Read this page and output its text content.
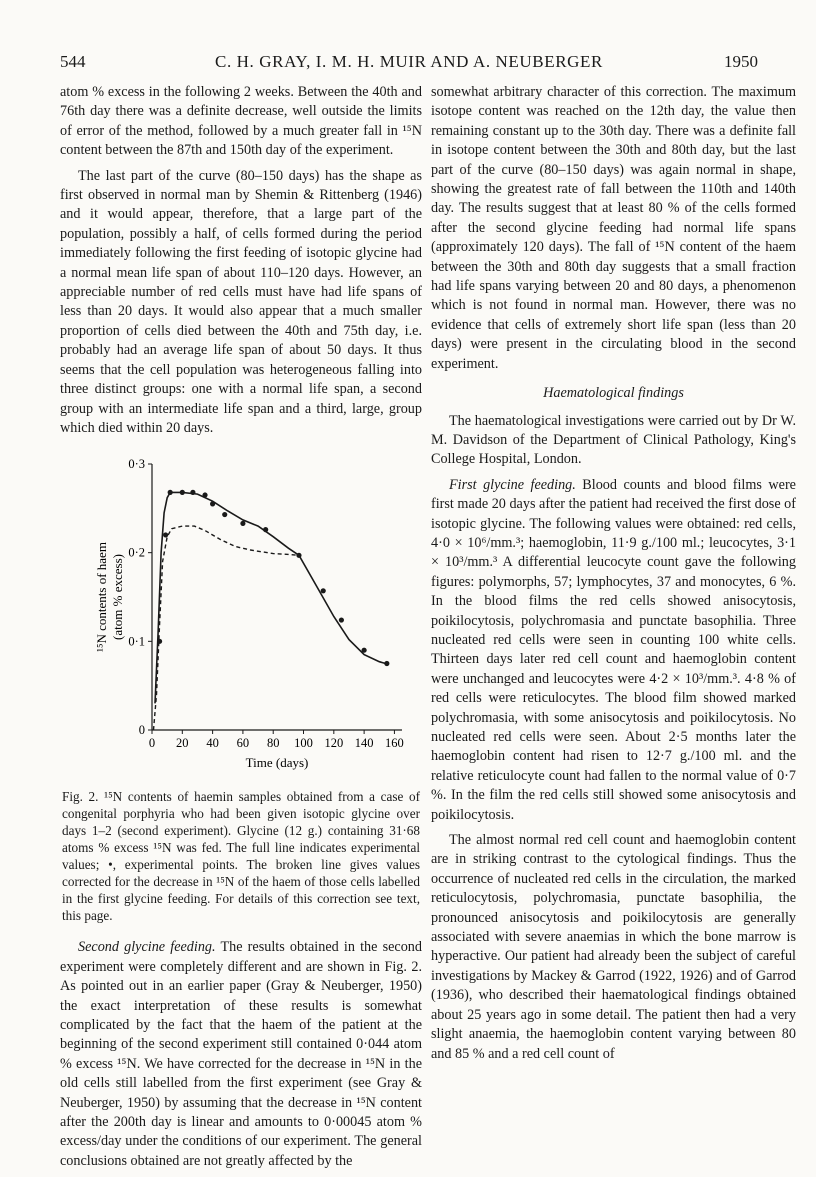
544	C. H. GRAY, I. M. H. MUIR AND A. NEUBERGER	1950

atom % excess in the following 2 weeks. Between the 40th and 76th day there was a definite decrease, well outside the limits of error of the method, followed by a much greater fall in ¹⁵N content between the 87th and 150th day of the experiment.

The last part of the curve (80–150 days) has the shape as first observed in normal man by Shemin & Rittenberg (1946) and it would appear, therefore, that a large part of the population, possibly a half, of cells formed during the period immediately following the first feeding of isotopic glycine had a normal mean life span of about 110–120 days. However, an appreciable number of red cells must have had life spans of less than 20 days. It would also appear that a much smaller proportion of cells died between the 40th and 75th day, i.e. probably had an average life span of about 50 days. It thus seems that the cell population was heterogeneous falling into three distinct groups: one with a normal life span, a second group with an intermediate life span and a third, large, group which died within 20 days.

0 20 40 60 80 100 120 140 160
0
0·1
0·2
0·3
Time (days)
¹⁵N contents of haem (atom % excess)

Fig. 2. ¹⁵N contents of haemin samples obtained from a case of congenital porphyria who had been given isotopic glycine over days 1–2 (second experiment). Glycine (12 g.) containing 31·68 atoms % excess ¹⁵N was fed. The full line indicates experimental values; •, experimental points. The broken line gives values corrected for the decrease in ¹⁵N of the haem of those cells labelled in the first glycine feeding. For details of this correction see text, this page.

Second glycine feeding. The results obtained in the second experiment were completely different and are shown in Fig. 2. As pointed out in an earlier paper (Gray & Neuberger, 1950) the exact interpretation of these results is somewhat complicated by the fact that the haem of the patient at the beginning of the second experiment still contained 0·044 atom % excess ¹⁵N. We have corrected for the decrease in ¹⁵N in the old cells still labelled from the first experiment (see Gray & Neuberger, 1950) by assuming that the decrease in ¹⁵N content after the 200th day is linear and amounts to 0·00045 atom % excess/day under the conditions of our experiment. The general conclusions obtained are not greatly affected by the

somewhat arbitrary character of this correction. The maximum isotope content was reached on the 12th day, the value then remaining constant up to the 30th day. There was a definite fall in isotope content between the 30th and 80th day, but the last part of the curve (80–150 days) was again normal in shape, showing the greatest rate of fall between the 110th and 140th day. The results suggest that at least 80 % of the cells formed after the second glycine feeding had normal life spans (approximately 120 days). The fall of ¹⁵N content of the haem between the 30th and 80th day suggests that a small fraction had life spans varying between 20 and 80 days, a phenomenon which is not found in normal man. However, there was no evidence that cells of extremely short life span (less than 20 days) were present in the circulating blood in the second experiment.

Haematological findings

The haematological investigations were carried out by Dr W. M. Davidson of the Department of Clinical Pathology, King's College Hospital, London.

First glycine feeding. Blood counts and blood films were first made 20 days after the patient had received the first dose of isotopic glycine. The following values were obtained: red cells, 4·0 × 10⁶/mm.³; haemoglobin, 11·9 g./100 ml.; leucocytes, 3·1 × 10³/mm.³ A differential leucocyte count gave the following figures: polymorphs, 57; lymphocytes, 37 and monocytes, 6 %. In the blood films the red cells showed anisocytosis, poikilocytosis, polychromasia and punctate basophilia. Three nucleated red cells were seen in counting 100 white cells. Thirteen days later red cell count and haemoglobin content were unchanged and leucocytes were 4·2 × 10³/mm.³. 4·8 % of red cells were reticulocytes. The blood film showed marked polychromasia, with some anisocytosis and poikilocytosis. No nucleated red cells were seen. About 2·5 months later the haemoglobin content had risen to 12·7 g./100 ml. and the relative reticulocyte count had fallen to the normal value of 0·7 %. In the film the red cells still showed some anisocytosis and poikilocytosis.

The almost normal red cell count and haemoglobin content are in striking contrast to the cytological findings. Thus the occurrence of nucleated red cells in the circulation, the marked reticulocytosis, polychromasia, punctate basophilia, the pronounced anisocytosis and poikilocytosis are generally associated with severe anaemias in which the bone marrow is hyperactive. Our patient had already been the subject of careful investigations by Mackey & Garrod (1922, 1926) and of Garrod (1936), who described their haematological findings obtained about 25 years ago in some detail. The patient then had a very slight anaemia, the haemoglobin content varying between 80 and 85 % and a red cell count of
